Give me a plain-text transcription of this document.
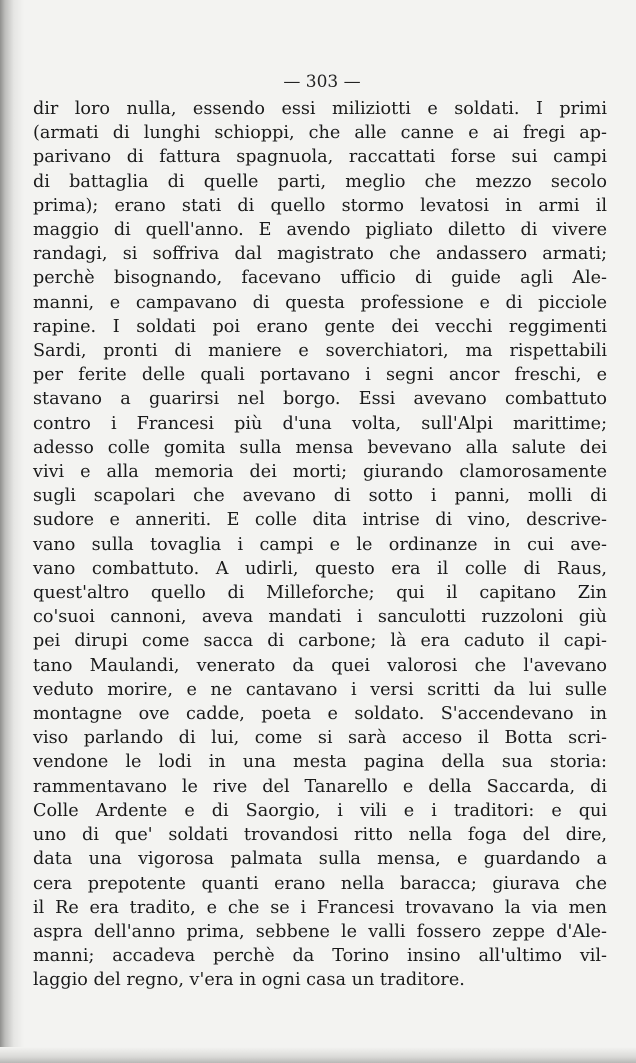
— 303 —
dir loro nulla, essendo essi miliziotti e soldati. I primi
(armati di lunghi schioppi, che alle canne e ai fregi ap-
parivano di fattura spagnuola, raccattati forse sui campi
di battaglia di quelle parti, meglio che mezzo secolo
prima); erano stati di quello stormo levatosi in armi il
maggio di quell'anno. E avendo pigliato diletto di vivere
randagi, si soffriva dal magistrato che andassero armati;
perchè bisognando, facevano ufficio di guide agli Ale-
manni, e campavano di questa professione e di picciole
rapine. I soldati poi erano gente dei vecchi reggimenti
Sardi, pronti di maniere e soverchiatori, ma rispettabili
per ferite delle quali portavano i segni ancor freschi, e
stavano a guarirsi nel borgo. Essi avevano combattuto
contro i Francesi più d'una volta, sull'Alpi marittime;
adesso colle gomita sulla mensa bevevano alla salute dei
vivi e alla memoria dei morti; giurando clamorosamente
sugli scapolari che avevano di sotto i panni, molli di
sudore e anneriti. E colle dita intrise di vino, descrive-
vano sulla tovaglia i campi e le ordinanze in cui ave-
vano combattuto. A udirli, questo era il colle di Raus,
quest'altro quello di Milleforche; qui il capitano Zin
co'suoi cannoni, aveva mandati i sanculotti ruzzoloni giù
pei dirupi come sacca di carbone; là era caduto il capi-
tano Maulandi, venerato da quei valorosi che l'avevano
veduto morire, e ne cantavano i versi scritti da lui sulle
montagne ove cadde, poeta e soldato. S'accendevano in
viso parlando di lui, come si sarà acceso il Botta scri-
vendone le lodi in una mesta pagina della sua storia:
rammentavano le rive del Tanarello e della Saccarda, di
Colle Ardente e di Saorgio, i vili e i traditori: e qui
uno di que' soldati trovandosi ritto nella foga del dire,
data una vigorosa palmata sulla mensa, e guardando a
cera prepotente quanti erano nella baracca; giurava che
il Re era tradito, e che se i Francesi trovavano la via men
aspra dell'anno prima, sebbene le valli fossero zeppe d'Ale-
manni; accadeva perchè da Torino insino all'ultimo vil-
laggio del regno, v'era in ogni casa un traditore.
